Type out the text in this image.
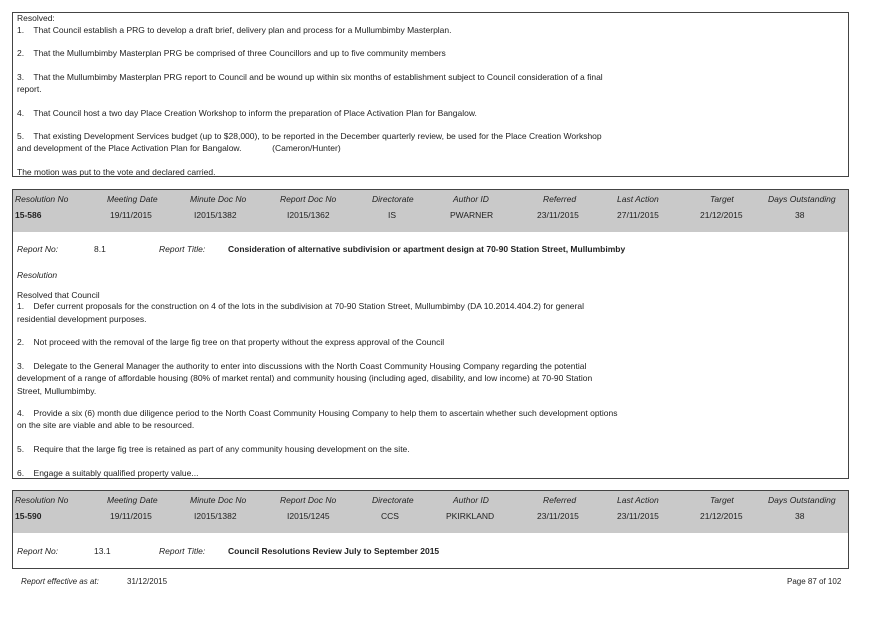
Resolved:

1.    That Council establish a PRG to develop a draft brief, delivery plan and process for a Mullumbimby Masterplan.

2.    That the Mullumbimby Masterplan PRG be comprised of three Councillors and up to five community members

3.    That the Mullumbimby Masterplan PRG report to Council and be wound up within six months of establishment subject to Council consideration of a final

report.

4.    That Council host a two day Place Creation Workshop to inform the preparation of Place Activation Plan for Bangalow.

5.    That existing Development Services budget (up to $28,000), to be reported in the December quarterly review, be used for the Place Creation Workshop

and development of the Place Activation Plan for Bangalow.             (Cameron/Hunter)

The motion was put to the vote and declared carried.

Resolution No	Meeting Date	Minute Doc No	Report Doc No	Directorate	Author ID	Referred	Last Action	Target	Days Outstanding
15-586	19/11/2015	I2015/1382	I2015/1362	IS	PWARNER	23/11/2015	27/11/2015	21/12/2015	38
Report No:	8.1	Report Title:	Consideration of alternative subdivision or apartment design at 70-90 Station Street, Mullumbimby
Resolution

Resolved that Council

1.    Defer current proposals for the construction on 4 of the lots in the subdivision at 70-90 Station Street, Mullumbimby (DA 10.2014.404.2) for general

residential development purposes.

2.    Not proceed with the removal of the large fig tree on that property without the express approval of the Council

3.    Delegate to the General Manager the authority to enter into discussions with the North Coast Community Housing Company regarding the potential

development of a range of affordable housing (80% of market rental) and community housing (including aged, disability, and low income) at 70-90 Station

Street, Mullumbimby.

4.    Provide a six (6) month due diligence period to the North Coast Community Housing Company to help them to ascertain whether such development options

on the site are viable and able to be resourced.

5.    Require that the large fig tree is retained as part of any community housing development on the site.

6.    Engage a suitably qualified property value...

Resolution No	Meeting Date	Minute Doc No	Report Doc No	Directorate	Author ID	Referred	Last Action	Target	Days Outstanding
15-590	19/11/2015	I2015/1382	I2015/1245	CCS	PKIRKLAND	23/11/2015	23/11/2015	21/12/2015	38
Report No:	13.1	Report Title:	Council Resolutions Review July to September 2015
Report effective as at:	31/12/2015	Page 87 of 102
